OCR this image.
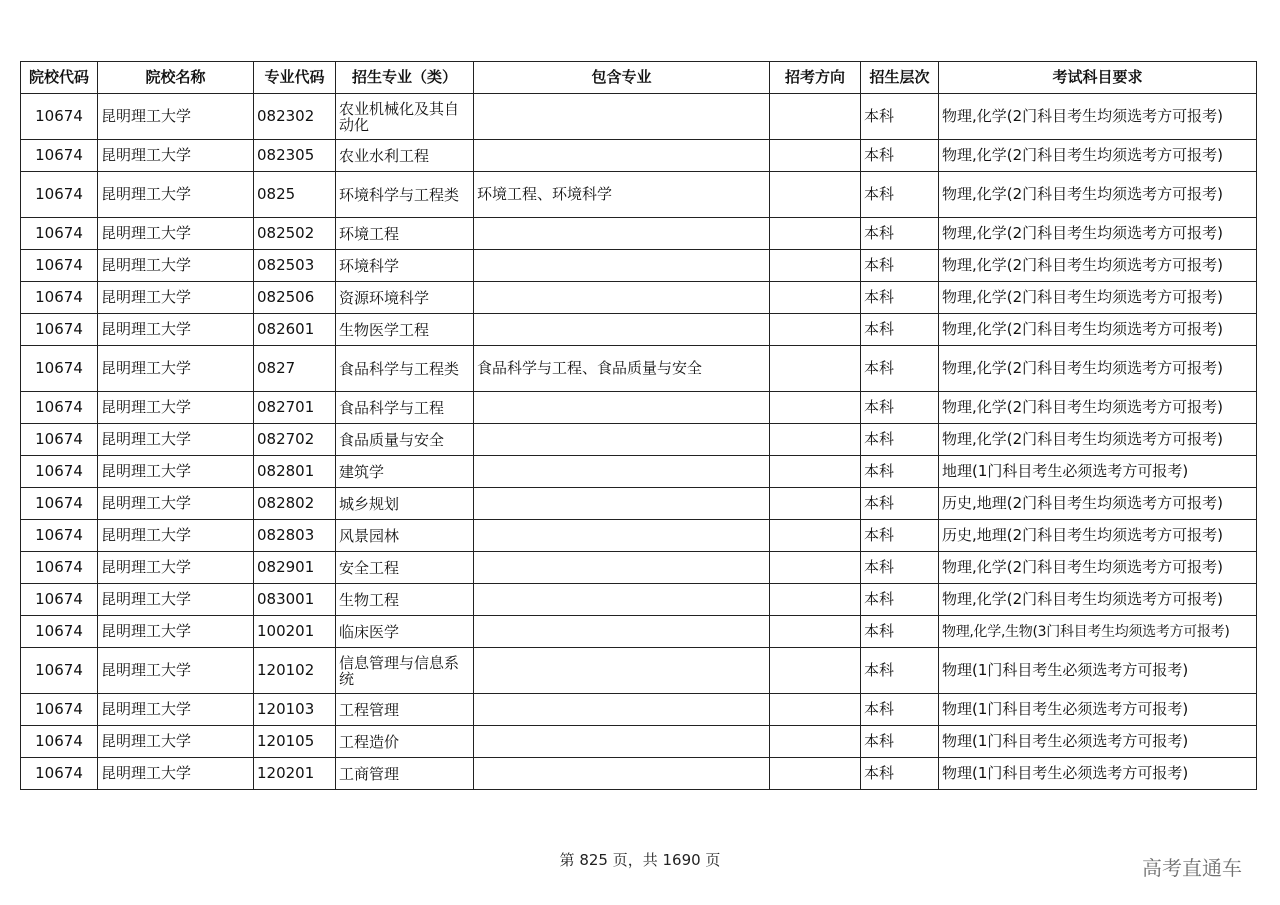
院校代码	院校名称	专业代码	招生专业（类）	包含专业	招考方向	招生层次	考试科目要求
10674	昆明理工大学	082302	农业机械化及其自动化			本科	物理,化学(2门科目考生均须选考方可报考)
10674	昆明理工大学	082305	农业水利工程			本科	物理,化学(2门科目考生均须选考方可报考)
10674	昆明理工大学	0825	环境科学与工程类	环境工程、环境科学		本科	物理,化学(2门科目考生均须选考方可报考)
10674	昆明理工大学	082502	环境工程			本科	物理,化学(2门科目考生均须选考方可报考)
10674	昆明理工大学	082503	环境科学			本科	物理,化学(2门科目考生均须选考方可报考)
10674	昆明理工大学	082506	资源环境科学			本科	物理,化学(2门科目考生均须选考方可报考)
10674	昆明理工大学	082601	生物医学工程			本科	物理,化学(2门科目考生均须选考方可报考)
10674	昆明理工大学	0827	食品科学与工程类	食品科学与工程、食品质量与安全		本科	物理,化学(2门科目考生均须选考方可报考)
10674	昆明理工大学	082701	食品科学与工程			本科	物理,化学(2门科目考生均须选考方可报考)
10674	昆明理工大学	082702	食品质量与安全			本科	物理,化学(2门科目考生均须选考方可报考)
10674	昆明理工大学	082801	建筑学			本科	地理(1门科目考生必须选考方可报考)
10674	昆明理工大学	082802	城乡规划			本科	历史,地理(2门科目考生均须选考方可报考)
10674	昆明理工大学	082803	风景园林			本科	历史,地理(2门科目考生均须选考方可报考)
10674	昆明理工大学	082901	安全工程			本科	物理,化学(2门科目考生均须选考方可报考)
10674	昆明理工大学	083001	生物工程			本科	物理,化学(2门科目考生均须选考方可报考)
10674	昆明理工大学	100201	临床医学			本科	物理,化学,生物(3门科目考生均须选考方可报考)
10674	昆明理工大学	120102	信息管理与信息系统			本科	物理(1门科目考生必须选考方可报考)
10674	昆明理工大学	120103	工程管理			本科	物理(1门科目考生必须选考方可报考)
10674	昆明理工大学	120105	工程造价			本科	物理(1门科目考生必须选考方可报考)
10674	昆明理工大学	120201	工商管理			本科	物理(1门科目考生必须选考方可报考)
第 825 页，共 1690 页	高考直通车
